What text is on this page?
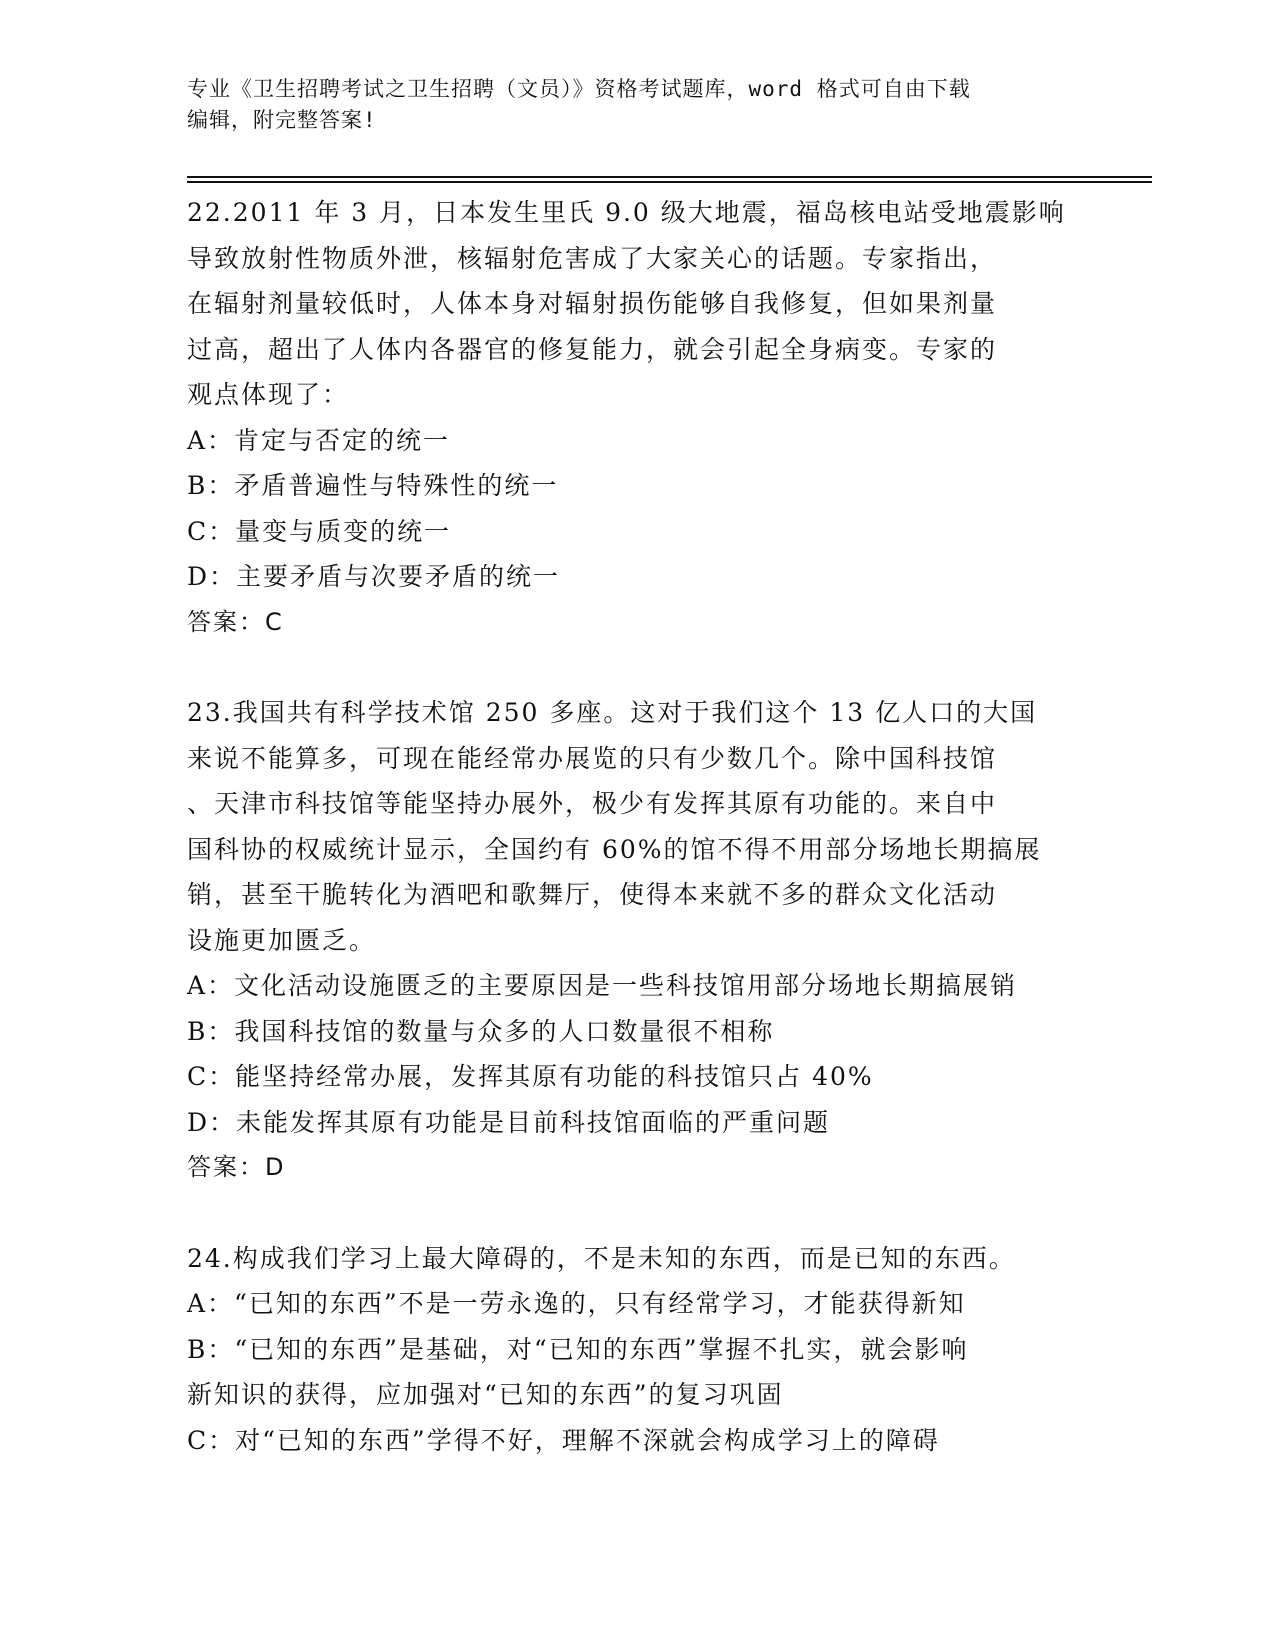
专业《卫生招聘考试之卫生招聘（文员）》资格考试题库，word 格式可自由下载
编辑，附完整答案!
22.2011 年 3 月，日本发生里氏 9.0 级大地震，福岛核电站受地震影响
导致放射性物质外泄，核辐射危害成了大家关心的话题。专家指出，
在辐射剂量较低时，人体本身对辐射损伤能够自我修复，但如果剂量
过高，超出了人体内各器官的修复能力，就会引起全身病变。专家的
观点体现了：
A：肯定与否定的统一
B：矛盾普遍性与特殊性的统一
C：量变与质变的统一
D：主要矛盾与次要矛盾的统一
答案：C
23.我国共有科学技术馆 250 多座。这对于我们这个 13 亿人口的大国
来说不能算多，可现在能经常办展览的只有少数几个。除中国科技馆
、天津市科技馆等能坚持办展外，极少有发挥其原有功能的。来自中
国科协的权威统计显示，全国约有 60%的馆不得不用部分场地长期搞展
销，甚至干脆转化为酒吧和歌舞厅，使得本来就不多的群众文化活动
设施更加匮乏。
A：文化活动设施匮乏的主要原因是一些科技馆用部分场地长期搞展销
B：我国科技馆的数量与众多的人口数量很不相称
C：能坚持经常办展，发挥其原有功能的科技馆只占 40%
D：未能发挥其原有功能是目前科技馆面临的严重问题
答案：D
24.构成我们学习上最大障碍的，不是未知的东西，而是已知的东西。
A：“已知的东西”不是一劳永逸的，只有经常学习，才能获得新知
B：“已知的东西”是基础，对“已知的东西”掌握不扎实，就会影响
新知识的获得，应加强对“已知的东西”的复习巩固
C：对“已知的东西”学得不好，理解不深就会构成学习上的障碍
